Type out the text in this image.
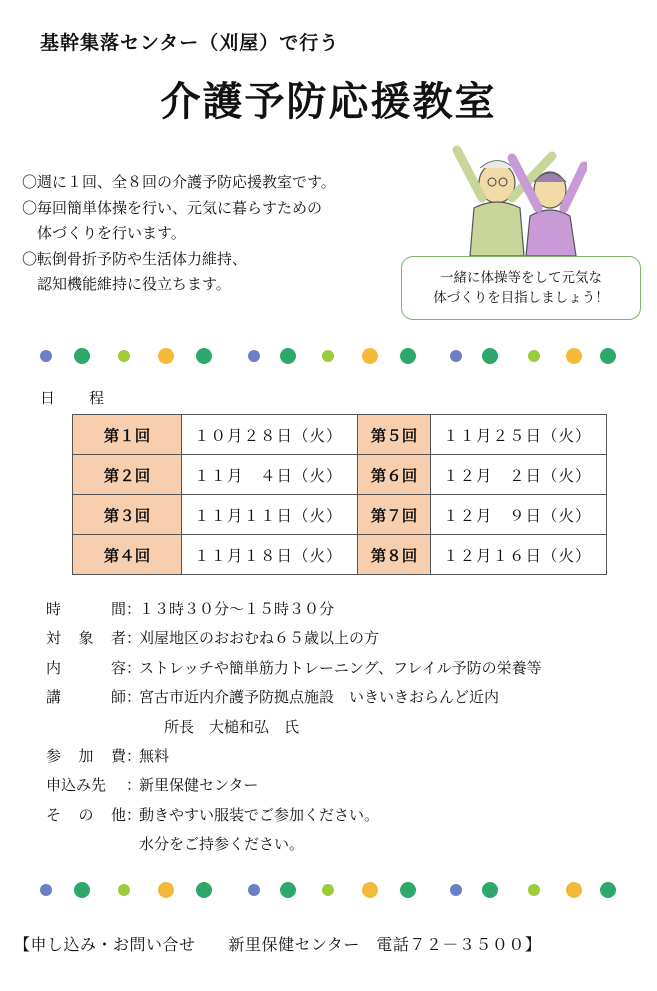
基幹集落センター（刈屋）で行う
介護予防応援教室
〇週に１回、全８回の介護予防応援教室です。
〇毎回簡単体操を行い、元気に暮らすための
　体づくりを行います。
〇転倒骨折予防や生活体力維持、
　認知機能維持に役立ちます。	一緒に体操等をして元気な
体づくりを目指しましょう！
日程
第１回	１０月２８日（火）	第５回	１１月２５日（火）
第２回	１１月　４日（火）	第６回	１２月　２日（火）
第３回	１１月１１日（火）	第７回	１２月　９日（火）
第４回	１１月１８日（火）	第８回	１２月１６日（火）
時	間 ：
１３時３０分～１５時３０分
対 象 者 ：
刈屋地区のおおむね６５歳以上の方
内	容 ：
ストレッチや簡単筋力トレーニング、フレイル予防の栄養等
講	師 ：
宮古市近内介護予防拠点施設　いきいきおらんど近内
所長　大槌和弘　氏
参 加 費 ：
無料
申込み先 ：
新里保健センター
そ の 他 ：
動きやすい服装でご参加ください。
水分をご持参ください。
【申し込み・お問い合せ　　新里保健センター　電話７２－３５００】
